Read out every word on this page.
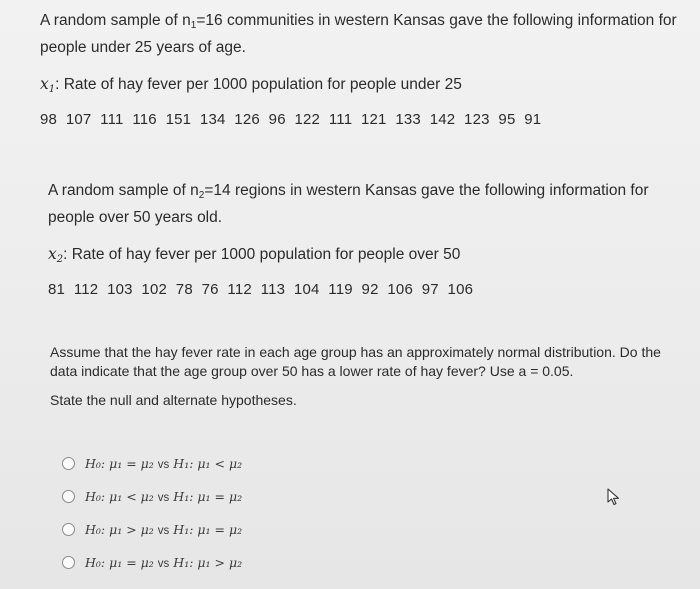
A random sample of $n_1=16$ communities in western Kansas gave the following information for people under 25 years of age.

$x_1$: Rate of hay fever per 1000 population for people under 25
98  107  111  116  151  134  126  96  122  111  121  133  142  123  95  91

A random sample of $n_2=14$ regions in western Kansas gave the following information for people over 50 years old.

$x_2$: Rate of hay fever per 1000 population for people over 50
81  112  103  102  78  76  112  113  104  119  92  106  97  106

Assume that the hay fever rate in each age group has an approximately normal distribution. Do the data indicate that the age group over 50 has a lower rate of hay fever? Use a = 0.05.

State the null and alternate hypotheses.

H₀: μ₁ = μ₂ vs H₁: μ₁ < μ₂
H₀: μ₁ < μ₂ vs H₁: μ₁ = μ₂
H₀: μ₁ > μ₂ vs H₁: μ₁ = μ₂
H₀: μ₁ = μ₂ vs H₁: μ₁ > μ₂
